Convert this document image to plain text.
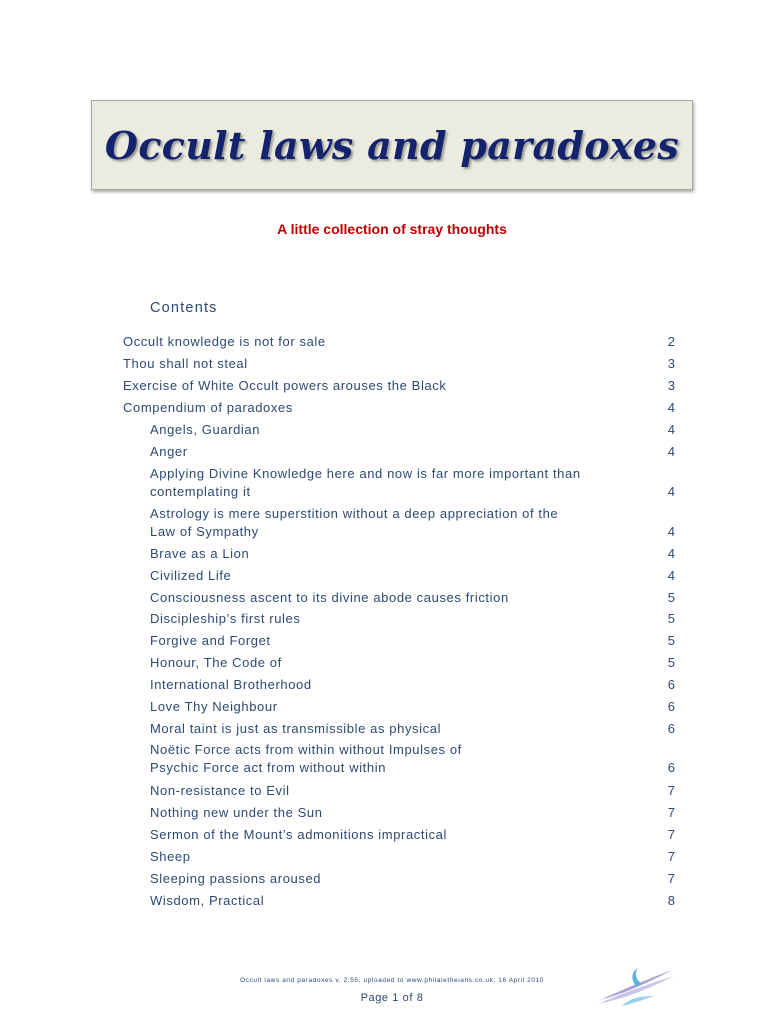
Occult laws and paradoxes
A little collection of stray thoughts
Contents
Occult knowledge is not for sale	2
Thou shall not steal	3
Exercise of White Occult powers arouses the Black	3
Compendium of paradoxes	4
Angels, Guardian	4
Anger	4
Applying Divine Knowledge here and now is far more important than contemplating it	4
Astrology is mere superstition without a deep appreciation of the Law of Sympathy	4
Brave as a Lion	4
Civilized Life	4
Consciousness ascent to its divine abode causes friction	5
Discipleship’s first rules	5
Forgive and Forget	5
Honour, The Code of	5
International Brotherhood	6
Love Thy Neighbour	6
Moral taint is just as transmissible as physical	6
Noëtic Force acts from within without Impulses of Psychic Force act from without within	6
Non-resistance to Evil	7
Nothing new under the Sun	7
Sermon of the Mount’s admonitions impractical	7
Sheep	7
Sleeping passions aroused	7
Wisdom, Practical	8
Occult laws and paradoxes v. 2.55, uploaded to www.philaletheians.co.uk, 16 April 2010
Page 1 of 8
